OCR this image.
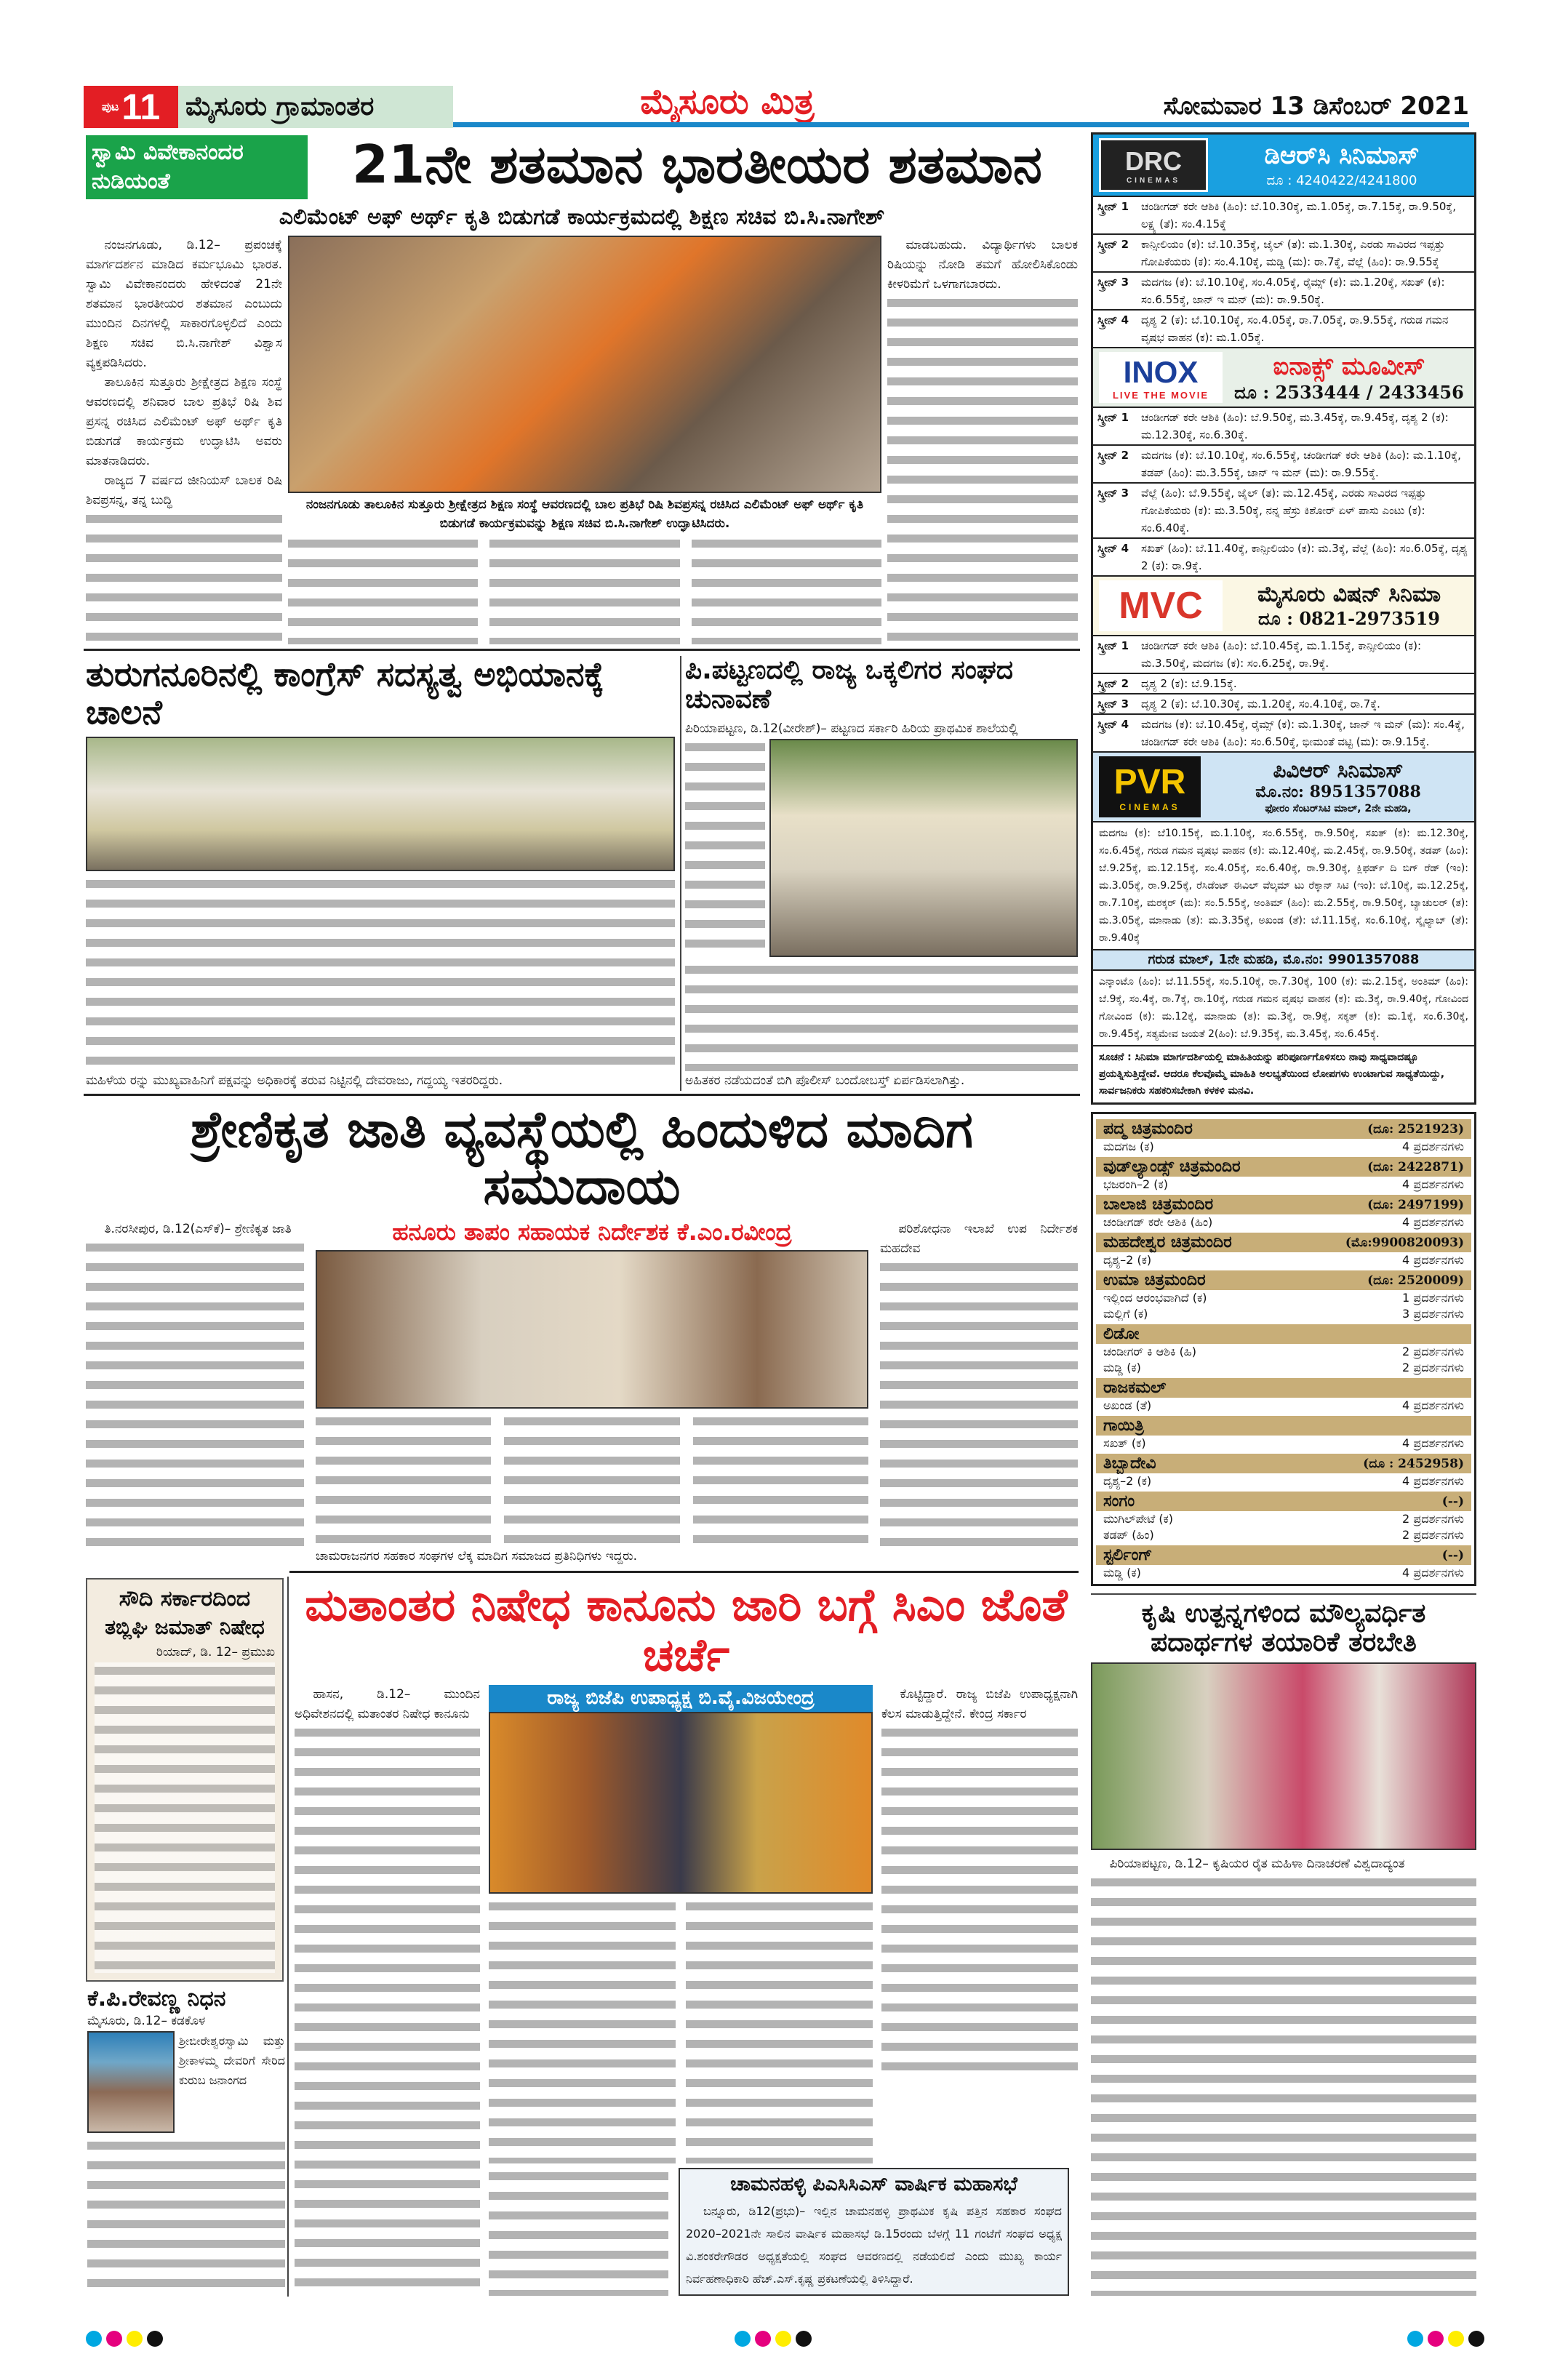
ಪುಟ 11 ಮೈಸೂರು ಗ್ರಾಮಾಂತರ	ಮೈಸೂರು ಮಿತ್ರ	ಸೋಮವಾರ 13 ಡಿಸೆಂಬರ್ 2021
ಸ್ವಾಮಿ ವಿವೇಕಾನಂದರ ನುಡಿಯಂತೆ	21ನೇ ಶತಮಾನ ಭಾರತೀಯರ ಶತಮಾನ
ಎಲಿಮೆಂಟ್ ಅಫ್ ಅರ್ಥ್ ಕೃತಿ ಬಿಡುಗಡೆ ಕಾರ್ಯಕ್ರಮದಲ್ಲಿ ಶಿಕ್ಷಣ ಸಚಿವ ಬಿ.ಸಿ.ನಾಗೇಶ್

ನಂಜನಗೂಡು, ಡಿ.12– ಪ್ರಪಂಚಕ್ಕೆ ಮಾರ್ಗದರ್ಶನ ಮಾಡಿದ ಕರ್ಮಭೂಮಿ ಭಾರತ. ಸ್ವಾಮಿ ವಿವೇಕಾನಂದರು ಹೇಳಿದಂತೆ 21ನೇ ಶತಮಾನ ಭಾರತೀಯರ ಶತಮಾನ ಎಂಬುದು ಮುಂದಿನ ದಿನಗಳಲ್ಲಿ ಸಾಕಾರಗೊಳ್ಳಲಿದೆ ಎಂದು ಶಿಕ್ಷಣ ಸಚಿವ ಬಿ.ಸಿ.ನಾಗೇಶ್ ವಿಶ್ವಾಸ ವ್ಯಕ್ತಪಡಿಸಿದರು.

ತಾಲೂಕಿನ ಸುತ್ತೂರು ಶ್ರೀಕ್ಷೇತ್ರದ ಶಿಕ್ಷಣ ಸಂಸ್ಥೆ ಆವರಣದಲ್ಲಿ ಶನಿವಾರ ಬಾಲ ಪ್ರತಿಭೆ ರಿಷಿ ಶಿವ ಪ್ರಸನ್ನ ರಚಿಸಿದ ಎಲಿಮೆಂಟ್ ಅಫ್ ಅರ್ಥ್ ಕೃತಿ ಬಿಡುಗಡೆ ಕಾರ್ಯಕ್ರಮ ಉದ್ಘಾಟಿಸಿ ಅವರು ಮಾತನಾಡಿದರು.

ರಾಜ್ಯದ 7 ವರ್ಷದ ಜೀನಿಯಸ್ ಬಾಲಕ ರಿಷಿ ಶಿವಪ್ರಸನ್ನ, ತನ್ನ ಬುದ್ಧಿ	ನಂಜನಗೂಡು ತಾಲೂಕಿನ ಸುತ್ತೂರು ಶ್ರೀಕ್ಷೇತ್ರದ ಶಿಕ್ಷಣ ಸಂಸ್ಥೆ ಆವರಣದಲ್ಲಿ ಬಾಲ ಪ್ರತಿಭೆ ರಿಷಿ ಶಿವಪ್ರಸನ್ನ ರಚಿಸಿದ ಎಲಿಮೆಂಟ್ ಅಫ್ ಅರ್ಥ್ ಕೃತಿ ಬಿಡುಗಡೆ ಕಾರ್ಯಕ್ರಮವನ್ನು ಶಿಕ್ಷಣ ಸಚಿವ ಬಿ.ಸಿ.ನಾಗೇಶ್ ಉದ್ಘಾಟಿಸಿದರು.

ಮಾಡಬಹುದು. ವಿದ್ಯಾರ್ಥಿಗಳು ಬಾಲಕ ರಿಷಿಯನ್ನು ನೋಡಿ ತಮಗೆ ಹೋಲಿಸಿಕೊಂಡು ಕೀಳರಿಮೆಗೆ ಒಳಗಾಗಬಾರದು.

ತುರುಗನೂರಿನಲ್ಲಿ ಕಾಂಗ್ರೆಸ್ ಸದಸ್ಯತ್ವ ಅಭಿಯಾನಕ್ಕೆ ಚಾಲನೆ
ಮಹಿಳೆಯ ರನ್ನು ಮುಖ್ಯವಾಹಿನಿಗೆ ಪಕ್ಷವನ್ನು ಅಧಿಕಾರಕ್ಕೆ ತರುವ ನಿಟ್ಟಿನಲ್ಲಿ ದೇವರಾಜು, ಗದ್ದಯ್ಯ ಇತರರಿದ್ದರು.
ಪಿ.ಪಟ್ಟಣದಲ್ಲಿ ರಾಜ್ಯ ಒಕ್ಕಲಿಗರ ಸಂಘದ ಚುನಾವಣೆ
ಪಿರಿಯಾಪಟ್ಟಣ, ಡಿ.12(ವೀರೇಶ್)– ಪಟ್ಟಣದ ಸರ್ಕಾರಿ ಹಿರಿಯ ಪ್ರಾಥಮಿಕ ಶಾಲೆಯಲ್ಲಿ
ಅಹಿತಕರ ನಡೆಯದಂತೆ ಬಿಗಿ ಪೊಲೀಸ್ ಬಂದೋಬಸ್ತ್ ಏರ್ಪಡಿಸಲಾಗಿತ್ತು.
ಶ್ರೇಣಿಕೃತ ಜಾತಿ ವ್ಯವಸ್ಥೆಯಲ್ಲಿ ಹಿಂದುಳಿದ ಮಾದಿಗ ಸಮುದಾಯ

ತಿ.ನರಸೀಪುರ, ಡಿ.12(ಎಸ್‌ಕೆ)– ಶ್ರೇಣಿಕೃತ ಜಾತಿ	ಹನೂರು ತಾಪಂ ಸಹಾಯಕ ನಿರ್ದೇಶಕ ಕೆ.ಎಂ.ರವೀಂದ್ರ	ಪರಿಶೋಧನಾ ಇಲಾಖೆ ಉಪ ನಿರ್ದೇಶಕ ಮಹದೇವ

ಚಾಮರಾಜನಗರ ಸಹಕಾರ ಸಂಘಗಳ ಲೆಕ್ಕ ಮಾದಿಗ ಸಮಾಜದ ಪ್ರತಿನಿಧಿಗಳು ಇದ್ದರು.
ಸೌದಿ ಸರ್ಕಾರದಿಂದ
ತಬ್ಲಿಘಿ ಜಮಾತ್ ನಿಷೇಧ
ರಿಯಾದ್, ಡಿ. 12– ಪ್ರಮುಖ
ಕೆ.ಪಿ.ರೇವಣ್ಣ ನಿಧನ
ಮೈಸೂರು, ಡಿ.12– ಕಡಕೊಳ
ಶ್ರೀಬೀರೇಶ್ವರಸ್ವಾಮಿ ಮತ್ತು ಶ್ರೀಕಾಳಮ್ಮ ದೇವರಿಗೆ ಸೇರಿದ ಕುರುಬ ಜನಾಂಗದ
ಮತಾಂತರ ನಿಷೇಧ ಕಾನೂನು ಜಾರಿ ಬಗ್ಗೆ ಸಿಎಂ ಜೊತೆ ಚರ್ಚೆ

ಹಾಸನ, ಡಿ.12– ಮುಂದಿನ ಅಧಿವೇಶನದಲ್ಲಿ ಮತಾಂತರ ನಿಷೇಧ ಕಾನೂನು

ರಾಜ್ಯ ಬಿಜೆಪಿ ಉಪಾಧ್ಯಕ್ಷ ಬಿ.ವೈ.ವಿಜಯೇಂದ್ರ
ಚಾಮನಹಳ್ಳಿ ಪಿಎಸಿಸಿಎಸ್ ವಾರ್ಷಿಕ ಮಹಾಸಭೆ
ಬನ್ನೂರು, ಡಿ12(ಪ್ರಭು)– ಇಲ್ಲಿನ ಚಾಮನಹಳ್ಳಿ ಪ್ರಾಥಮಿಕ ಕೃಷಿ ಪತ್ತಿನ ಸಹಕಾರ ಸಂಘದ 2020–2021ನೇ ಸಾಲಿನ ವಾರ್ಷಿಕ ಮಹಾಸಭೆ ಡಿ.15ರಂದು ಬೆಳಗ್ಗೆ 11 ಗಂಟೆಗೆ ಸಂಘದ ಅಧ್ಯಕ್ಷ ವಿ.ಶಂಕರೇಗೌಡರ ಅಧ್ಯಕ್ಷತೆಯಲ್ಲಿ ಸಂಘದ ಆವರಣದಲ್ಲಿ ನಡೆಯಲಿದೆ ಎಂದು ಮುಖ್ಯ ಕಾರ್ಯ ನಿರ್ವಹಣಾಧಿಕಾರಿ ಹೆಚ್.ಎಸ್.ಕೃಷ್ಣ ಪ್ರಕಟಣೆಯಲ್ಲಿ ತಿಳಿಸಿದ್ದಾರೆ.

ಕೊಟ್ಟಿದ್ದಾರೆ. ರಾಜ್ಯ ಬಿಜೆಪಿ ಉಪಾಧ್ಯಕ್ಷನಾಗಿ ಕೆಲಸ ಮಾಡುತ್ತಿದ್ದೇನೆ. ಕೇಂದ್ರ ಸರ್ಕಾರ

DRC
CINEMAS
ಡಿಆರ್‌ಸಿ ಸಿನಿಮಾಸ್
ದೂ : 4240422/4241800
ಸ್ಕ್ರೀನ್ 1	ಚಂಡೀಗಡ್ ಕರೇ ಆಶಿಕಿ (ಹಿಂ): ಬೆ.10.30ಕ್ಕೆ, ಮ.1.05ಕ್ಕೆ, ರಾ.7.15ಕ್ಕೆ, ರಾ.9.50ಕ್ಕೆ, ಲಕ್ಷ್ಯ (ತೆ): ಸಂ.4.15ಕ್ಕೆ
ಸ್ಕ್ರೀನ್ 2	ಕಾನ್ಸೀಲಿಯಂ (ಕ): ಬೆ.10.35ಕ್ಕೆ, ಜೈಲ್ (ತ): ಮ.1.30ಕ್ಕೆ, ಎರಡು ಸಾವಿರದ ಇಪ್ಪತ್ತು ಗೋಪಿಕೆಯರು (ಕ): ಸಂ.4.10ಕ್ಕೆ, ಮಡ್ಡಿ (ಮ): ರಾ.7ಕ್ಕೆ, ವೆಲ್ಲೆ (ಹಿಂ): ರಾ.9.55ಕ್ಕೆ
ಸ್ಕ್ರೀನ್ 3	ಮದಗಜ (ಕ): ಬೆ.10.10ಕ್ಕೆ, ಸಂ.4.05ಕ್ಕೆ, ರೈಮ್ಸ್ (ಕ): ಮ.1.20ಕ್ಕೆ, ಸಖತ್ (ಕ): ಸಂ.6.55ಕ್ಕೆ, ಜಾನ್ ಇ ಮನ್ (ಮ): ರಾ.9.50ಕ್ಕೆ.
ಸ್ಕ್ರೀನ್ 4	ದೃಶ್ಯ 2 (ಕ): ಬೆ.10.10ಕ್ಕೆ, ಸಂ.4.05ಕ್ಕೆ, ರಾ.7.05ಕ್ಕೆ, ರಾ.9.55ಕ್ಕೆ, ಗರುಡ ಗಮನ ವೃಷಭ ವಾಹನ (ಕ): ಮ.1.05ಕ್ಕೆ.
INOX
LIVE THE MOVIE
ಐನಾಕ್ಸ್ ಮೂವೀಸ್
ದೂ : 2533444 / 2433456
ಸ್ಕ್ರೀನ್ 1	ಚಂಡೀಗಡ್ ಕರೇ ಆಶಿಕಿ (ಹಿಂ): ಬೆ.9.50ಕ್ಕೆ, ಮ.3.45ಕ್ಕೆ, ರಾ.9.45ಕ್ಕೆ, ದೃಶ್ಯ 2 (ಕ): ಮ.12.30ಕ್ಕೆ, ಸಂ.6.30ಕ್ಕೆ.
ಸ್ಕ್ರೀನ್ 2	ಮದಗಜ (ಕ): ಬೆ.10.10ಕ್ಕೆ, ಸಂ.6.55ಕ್ಕೆ, ಚಂಡೀಗಡ್ ಕರೇ ಆಶಿಕಿ (ಹಿಂ): ಮ.1.10ಕ್ಕೆ, ತಡಪ್ (ಹಿಂ): ಮ.3.55ಕ್ಕೆ, ಜಾನ್ ಇ ಮನ್ (ಮ): ರಾ.9.55ಕ್ಕೆ.
ಸ್ಕ್ರೀನ್ 3	ವೆಲ್ಲೆ (ಹಿಂ): ಬೆ.9.55ಕ್ಕೆ, ಜೈಲ್ (ತ): ಮ.12.45ಕ್ಕೆ, ಎರಡು ಸಾವಿರದ ಇಪ್ಪತ್ತು ಗೋಪಿಕೆಯರು (ಕ): ಮ.3.50ಕ್ಕೆ, ನನ್ನ ಹೆಸ್ರು ಕಿಶೋರ್ ಏಳ್ ಪಾಸು ಎಂಟು (ಕ): ಸಂ.6.40ಕ್ಕೆ.
ಸ್ಕ್ರೀನ್ 4	ಸಖತ್ (ಹಿಂ): ಬೆ.11.40ಕ್ಕೆ, ಕಾನ್ಸೀಲಿಯಂ (ಕ): ಮ.3ಕ್ಕೆ, ವೆಲ್ಲೆ (ಹಿಂ): ಸಂ.6.05ಕ್ಕೆ, ದೃಶ್ಯ 2 (ಕ): ರಾ.9ಕ್ಕೆ.
MVC	ಮೈಸೂರು ವಿಷನ್ ಸಿನಿಮಾ
ದೂ : 0821-2973519
ಸ್ಕ್ರೀನ್ 1	ಚಂಡೀಗಡ್ ಕರೇ ಆಶಿಕಿ (ಹಿಂ): ಬೆ.10.45ಕ್ಕೆ, ಮ.1.15ಕ್ಕೆ, ಕಾನ್ಸೀಲಿಯಂ (ಕ): ಮ.3.50ಕ್ಕೆ, ಮದಗಜ (ಕ): ಸಂ.6.25ಕ್ಕೆ, ರಾ.9ಕ್ಕೆ.
ಸ್ಕ್ರೀನ್ 2	ದೃಶ್ಯ 2 (ಕ): ಬೆ.9.15ಕ್ಕೆ.
ಸ್ಕ್ರೀನ್ 3	ದೃಶ್ಯ 2 (ಕ): ಬೆ.10.30ಕ್ಕೆ, ಮ.1.20ಕ್ಕೆ, ಸಂ.4.10ಕ್ಕೆ, ರಾ.7ಕ್ಕೆ.
ಸ್ಕ್ರೀನ್ 4	ಮದಗಜ (ಕ): ಬೆ.10.45ಕ್ಕೆ, ರೈಮ್ಸ್ (ಕ): ಮ.1.30ಕ್ಕೆ, ಜಾನ್ ಇ ಮನ್ (ಮ): ಸಂ.4ಕ್ಕೆ, ಚಂಡೀಗಡ್ ಕರೇ ಆಶಿಕಿ (ಹಿಂ): ಸಂ.6.50ಕ್ಕೆ, ಭೀಮಂತೆ ವಟ್ಟಿ (ಮ): ರಾ.9.15ಕ್ಕೆ.
PVR
CINEMAS
ಪಿವಿಆರ್ ಸಿನಿಮಾಸ್
ಮೊ.ನಂ: 8951357088
ಫೋರಂ ಸೆಂಟರ್‌ಸಿಟಿ ಮಾಲ್, 2ನೇ ಮಹಡಿ,
ಮದಗಜ (ಕ): ಬೆ10.15ಕ್ಕೆ, ಮ.1.10ಕ್ಕೆ, ಸಂ.6.55ಕ್ಕೆ, ರಾ.9.50ಕ್ಕೆ, ಸಖತ್ (ಕ): ಮ.12.30ಕ್ಕೆ, ಸಂ.6.45ಕ್ಕೆ, ಗರುಡ ಗಮನ ವೃಷಭ ವಾಹನ (ಕ): ಮ.12.40ಕ್ಕೆ, ಮ.2.45ಕ್ಕೆ, ರಾ.9.50ಕ್ಕೆ, ತಡಪ್ (ಹಿಂ): ಬೆ.9.25ಕ್ಕೆ, ಮ.12.15ಕ್ಕೆ, ಸಂ.4.05ಕ್ಕೆ, ಸಂ.6.40ಕ್ಕೆ, ರಾ.9.30ಕ್ಕೆ, ಕ್ಲಿಫರ್ಡ್ ದಿ ಬಿಗ್ ರೆಡ್ (ಇಂ): ಮ.3.05ಕ್ಕೆ, ರಾ.9.25ಕ್ಕೆ, ರೆಸಿಡೆಂಟ್ ಈವಿಲ್ ವೆಲ್ಕಮ್ ಟು ರೆಕ್ಕಾನ್ ಸಿಟಿ (ಇಂ): ಬೆ.10ಕ್ಕೆ, ಮ.12.25ಕ್ಕೆ, ರಾ.7.10ಕ್ಕೆ, ಮರಕ್ಕರ್ (ಮ): ಸಂ.5.55ಕ್ಕೆ, ಅಂತಿಮ್ (ಹಿಂ): ಮ.2.55ಕ್ಕೆ, ರಾ.9.50ಕ್ಕೆ, ಬ್ಯಾಚುಲರ್ (ತ): ಮ.3.05ಕ್ಕೆ, ಮಾನಾಡು (ತ): ಮ.3.35ಕ್ಕೆ, ಅಖಂಡ (ತೆ): ಬೆ.11.15ಕ್ಕೆ, ಸಂ.6.10ಕ್ಕೆ, ಸ್ಕೈಲ್ಯಾಬ್ (ತೆ): ರಾ.9.40ಕ್ಕೆ
ಗರುಡ ಮಾಲ್, 1ನೇ ಮಹಡಿ, ಮೊ.ನಂ: 9901357088
ಎನ್ಕಾಂಟೊ (ಹಿಂ): ಬೆ.11.55ಕ್ಕೆ, ಸಂ.5.10ಕ್ಕೆ, ರಾ.7.30ಕ್ಕೆ, 100 (ಕ): ಮ.2.15ಕ್ಕೆ, ಅಂತಿಮ್ (ಹಿಂ): ಬೆ.9ಕ್ಕೆ, ಸಂ.4ಕ್ಕೆ, ರಾ.7ಕ್ಕೆ, ರಾ.10ಕ್ಕೆ, ಗರುಡ ಗಮನ ವೃಷಭ ವಾಹನ (ಕ): ಮ.3ಕ್ಕೆ, ರಾ.9.40ಕ್ಕೆ, ಗೋವಿಂದ ಗೋವಿಂದ (ಕ): ಮ.12ಕ್ಕೆ, ಮಾನಾಡು (ತ): ಮ.3ಕ್ಕೆ, ರಾ.9ಕ್ಕೆ, ಸಕ್ಕತ್ (ಕ): ಮ.1ಕ್ಕೆ, ಸಂ.6.30ಕ್ಕೆ, ರಾ.9.45ಕ್ಕೆ, ಸತ್ಯಮೇವ ಜಯತೆ 2(ಹಿಂ): ಬೆ.9.35ಕ್ಕೆ, ಮ.3.45ಕ್ಕೆ, ಸಂ.6.45ಕ್ಕೆ.
ಸೂಚನೆ : ಸಿನಿಮಾ ಮಾರ್ಗದರ್ಶಿಯಲ್ಲಿ ಮಾಹಿತಿಯನ್ನು ಪರಿಪೂರ್ಣಗೊಳಿಸಲು ನಾವು ಸಾಧ್ಯವಾದಷ್ಟೂ ಪ್ರಯತ್ನಿಸುತ್ತಿದ್ದೇವೆ. ಆದರೂ ಕೆಲವೊಮ್ಮೆ ಮಾಹಿತಿ ಅಲಭ್ಯತೆಯಿಂದ ಲೋಪಗಳು ಉಂಟಾಗುವ ಸಾಧ್ಯತೆಯಿದ್ದು, ಸಾರ್ವಜನಿಕರು ಸಹಕರಿಸಬೇಕಾಗಿ ಕಳಕಳಿ ಮನವಿ.
ಪದ್ಮ ಚಿತ್ರಮಂದಿರ	(ದೂ: 2521923)
ಮದಗಜ (ಕ)	4 ಪ್ರದರ್ಶನಗಳು
ವುಡ್‌ಲ್ಯಾಂಡ್ಸ್ ಚಿತ್ರಮಂದಿರ	(ದೂ: 2422871)
ಭಜರಂಗಿ–2 (ಕ)	4 ಪ್ರದರ್ಶನಗಳು
ಬಾಲಾಜಿ ಚಿತ್ರಮಂದಿರ	(ದೂ: 2497199)
ಚಂಡೀಗಡ್ ಕರೇ ಆಶಿಕಿ (ಹಿಂ)	4 ಪ್ರದರ್ಶನಗಳು
ಮಹದೇಶ್ವರ ಚಿತ್ರಮಂದಿರ	(ಮೊ:9900820093)
ದೃಶ್ಯ–2 (ಕ)	4 ಪ್ರದರ್ಶನಗಳು
ಉಮಾ ಚಿತ್ರಮಂದಿರ	(ದೂ: 2520009)
ಇಲ್ಲಿಂದ ಆರಂಭವಾಗಿದೆ (ಕ)	1 ಪ್ರದರ್ಶನಗಳು
ಮಲ್ಲಿಗೆ (ಕ)	3 ಪ್ರದರ್ಶನಗಳು
ಲಿಡೋ
ಚಂಡೀಗರ್ ಕಿ ಆಶಿಕಿ (ಹಿ)	2 ಪ್ರದರ್ಶನಗಳು
ಮಡ್ಡಿ (ಕ)	2 ಪ್ರದರ್ಶನಗಳು
ರಾಜಕಮಲ್
ಅಖಂಡ (ತೆ)	4 ಪ್ರದರ್ಶನಗಳು
ಗಾಯಿತ್ರಿ
ಸಖತ್ (ಕ)	4 ಪ್ರದರ್ಶನಗಳು
ತಿಬ್ಬಾದೇವಿ	(ದೂ : 2452958)
ದೃಶ್ಯ–2 (ಕ)	4 ಪ್ರದರ್ಶನಗಳು
ಸಂಗಂ	(--)
ಮುಗಿಲ್‌ಪೇಟೆ (ಕ)	2 ಪ್ರದರ್ಶನಗಳು
ತಡಪ್ (ಹಿಂ)	2 ಪ್ರದರ್ಶನಗಳು
ಸ್ಟರ್ಲಿಂಗ್	(--)
ಮಡ್ಡಿ (ಕ)	4 ಪ್ರದರ್ಶನಗಳು
ಕೃಷಿ ಉತ್ಪನ್ನಗಳಿಂದ ಮೌಲ್ಯವರ್ಧಿತ
ಪದಾರ್ಥಗಳ ತಯಾರಿಕೆ ತರಬೇತಿ

ಪಿರಿಯಾಪಟ್ಟಣ, ಡಿ.12– ಕೃಷಿಯರ ರೈತ ಮಹಿಳಾ ದಿನಾಚರಣೆ ವಿಶ್ವದಾದ್ಯಂತ
